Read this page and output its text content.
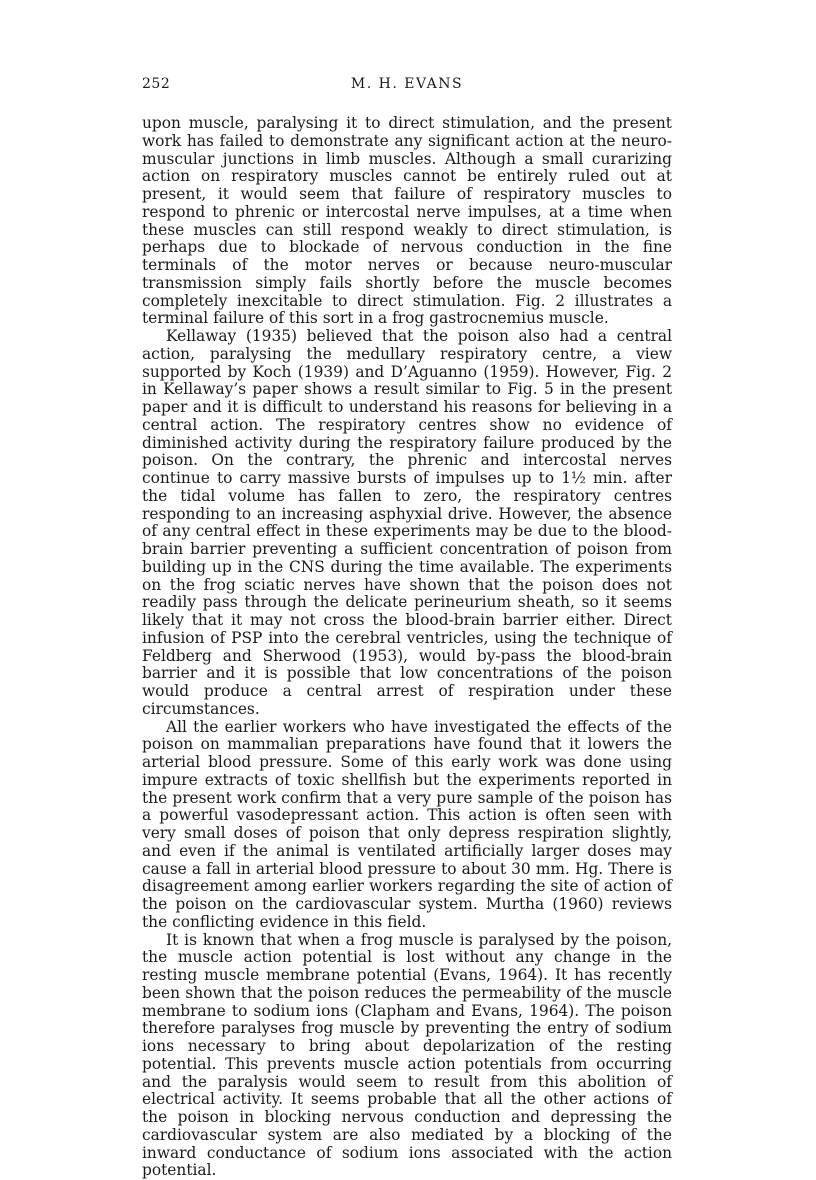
252	M. H. EVANS

upon muscle, paralysing it to direct stimulation, and the present work has failed to demonstrate any significant action at the neuro-muscular junctions in limb muscles. Although a small curarizing action on respiratory muscles cannot be entirely ruled out at present, it would seem that failure of respiratory muscles to respond to phrenic or intercostal nerve impulses, at a time when these muscles can still respond weakly to direct stimulation, is perhaps due to blockade of nervous conduction in the fine terminals of the motor nerves or because neuro-muscular transmission simply fails shortly before the muscle becomes completely inexcitable to direct stimulation. Fig. 2 illustrates a terminal failure of this sort in a frog gastrocnemius muscle.

Kellaway (1935) believed that the poison also had a central action, paralysing the medullary respiratory centre, a view supported by Koch (1939) and D’Aguanno (1959). However, Fig. 2 in Kellaway’s paper shows a result similar to Fig. 5 in the present paper and it is difficult to understand his reasons for believing in a central action. The respiratory centres show no evidence of diminished activity during the respiratory failure produced by the poison. On the contrary, the phrenic and intercostal nerves continue to carry massive bursts of impulses up to 1½ min. after the tidal volume has fallen to zero, the respiratory centres responding to an increasing asphyxial drive. However, the absence of any central effect in these experiments may be due to the blood-brain barrier preventing a sufficient concentration of poison from building up in the CNS during the time available. The experiments on the frog sciatic nerves have shown that the poison does not readily pass through the delicate perineurium sheath, so it seems likely that it may not cross the blood-brain barrier either. Direct infusion of PSP into the cerebral ventricles, using the technique of Feldberg and Sherwood (1953), would by-pass the blood-brain barrier and it is possible that low concentrations of the poison would produce a central arrest of respiration under these circumstances.

All the earlier workers who have investigated the effects of the poison on mammalian preparations have found that it lowers the arterial blood pressure. Some of this early work was done using impure extracts of toxic shellfish but the experiments reported in the present work confirm that a very pure sample of the poison has a powerful vasodepressant action. This action is often seen with very small doses of poison that only depress respiration slightly, and even if the animal is ventilated artificially larger doses may cause a fall in arterial blood pressure to about 30 mm. Hg. There is disagreement among earlier workers regarding the site of action of the poison on the cardiovascular system. Murtha (1960) reviews the conflicting evidence in this field.

It is known that when a frog muscle is paralysed by the poison, the muscle action potential is lost without any change in the resting muscle membrane potential (Evans, 1964). It has recently been shown that the poison reduces the permeability of the muscle membrane to sodium ions (Clapham and Evans, 1964). The poison therefore paralyses frog muscle by preventing the entry of sodium ions necessary to bring about depolarization of the resting potential. This prevents muscle action potentials from occurring and the paralysis would seem to result from this abolition of electrical activity. It seems probable that all the other actions of the poison in blocking nervous conduction and depressing the cardiovascular system are also mediated by a blocking of the inward conductance of sodium ions associated with the action potential.
